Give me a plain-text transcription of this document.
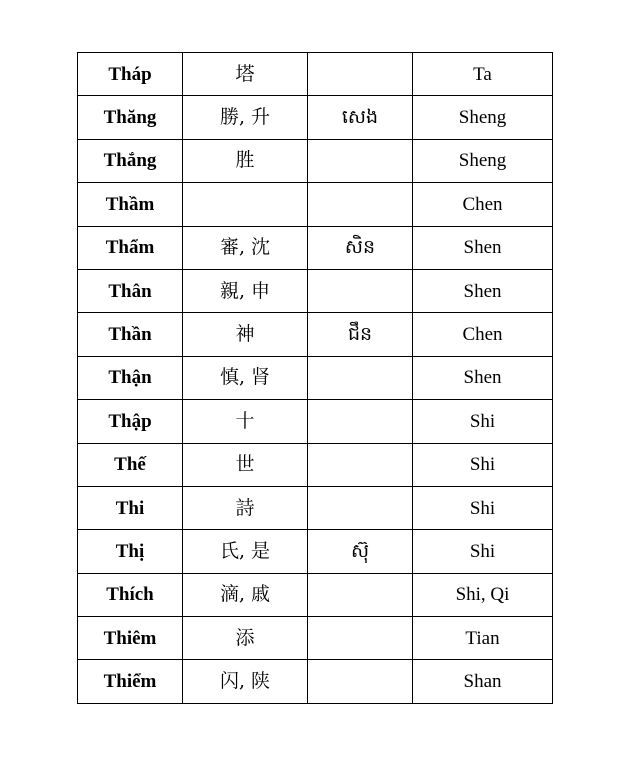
Tháp	塔		Ta
Thăng	勝, 升	សេង	Sheng
Thắng	胜		Sheng
Thầm			Chen
Thẩm	審, 沈	សិន	Shen
Thân	親, 申		Shen
Thần	神	ជឹន	Chen
Thận	慎, 肾		Shen
Thập	十		Shi
Thế	世		Shi
Thi	詩		Shi
Thị	氏, 是	ស៊ុ	Shi
Thích	滴, 戚		Shi, Qi
Thiêm	添		Tian
Thiểm	闪, 陕		Shan
